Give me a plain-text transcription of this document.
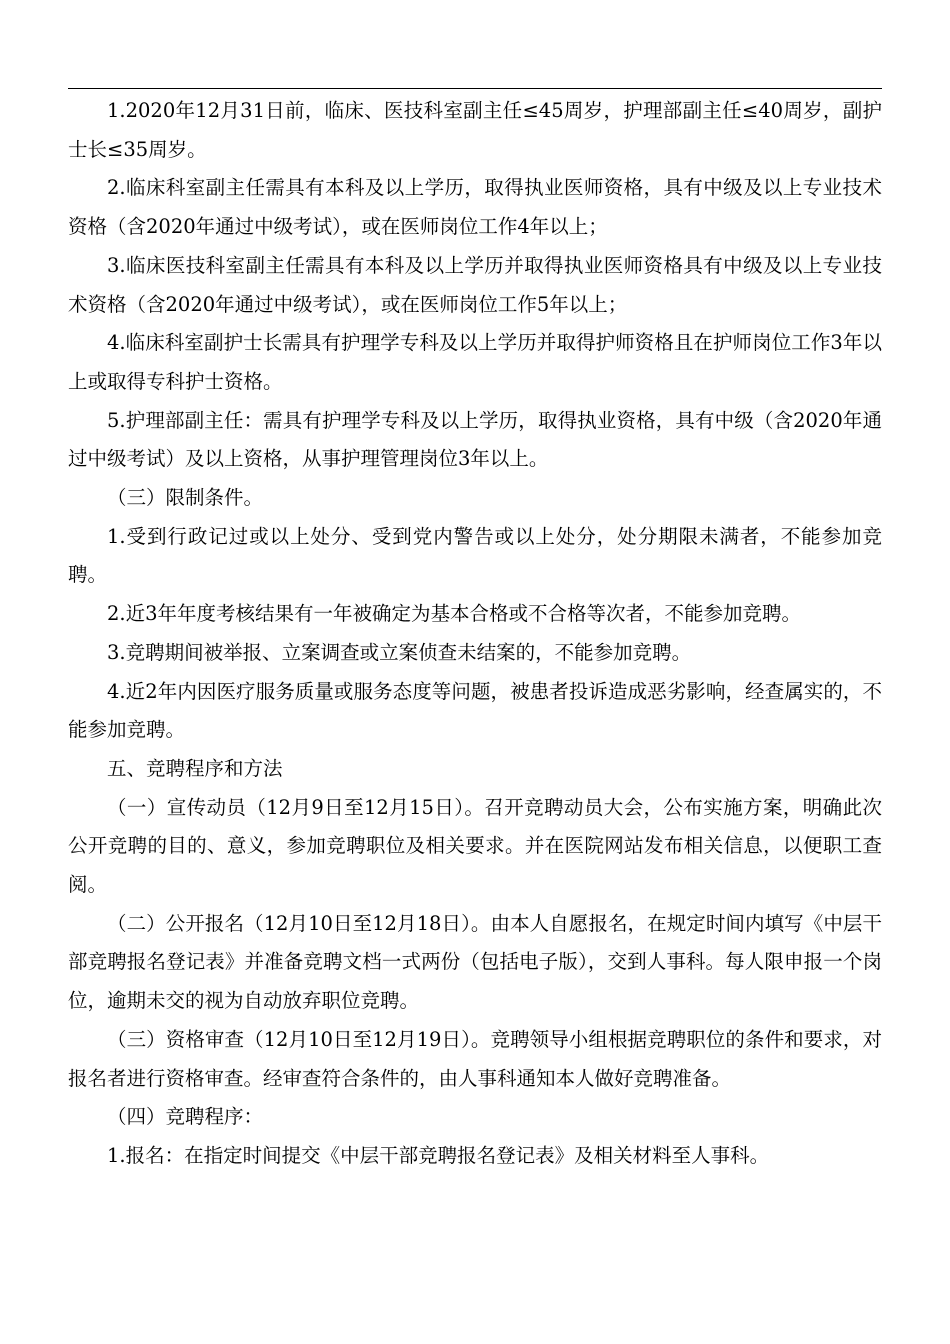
1.2020年12月31日前，临床、医技科室副主任≤45周岁，护理部副主任≤40周岁，副护士长≤35周岁。

2.临床科室副主任需具有本科及以上学历，取得执业医师资格，具有中级及以上专业技术资格（含2020年通过中级考试），或在医师岗位工作4年以上；

3.临床医技科室副主任需具有本科及以上学历并取得执业医师资格具有中级及以上专业技术资格（含2020年通过中级考试），或在医师岗位工作5年以上；

4.临床科室副护士长需具有护理学专科及以上学历并取得护师资格且在护师岗位工作3年以上或取得专科护士资格。

5.护理部副主任：需具有护理学专科及以上学历，取得执业资格，具有中级（含2020年通过中级考试）及以上资格，从事护理管理岗位3年以上。

（三）限制条件。

1.受到行政记过或以上处分、受到党内警告或以上处分，处分期限未满者，不能参加竞聘。

2.近3年年度考核结果有一年被确定为基本合格或不合格等次者，不能参加竞聘。

3.竞聘期间被举报、立案调查或立案侦查未结案的，不能参加竞聘。

4.近2年内因医疗服务质量或服务态度等问题，被患者投诉造成恶劣影响，经查属实的，不能参加竞聘。

五、竞聘程序和方法

（一）宣传动员（12月9日至12月15日）。召开竞聘动员大会，公布实施方案，明确此次公开竞聘的目的、意义，参加竞聘职位及相关要求。并在医院网站发布相关信息，以便职工查阅。

（二）公开报名（12月10日至12月18日）。由本人自愿报名，在规定时间内填写《中层干部竞聘报名登记表》并准备竞聘文档一式两份（包括电子版），交到人事科。每人限申报一个岗位，逾期未交的视为自动放弃职位竞聘。

（三）资格审查（12月10日至12月19日）。竞聘领导小组根据竞聘职位的条件和要求，对报名者进行资格审查。经审查符合条件的，由人事科通知本人做好竞聘准备。

（四）竞聘程序：

1.报名：在指定时间提交《中层干部竞聘报名登记表》及相关材料至人事科。
